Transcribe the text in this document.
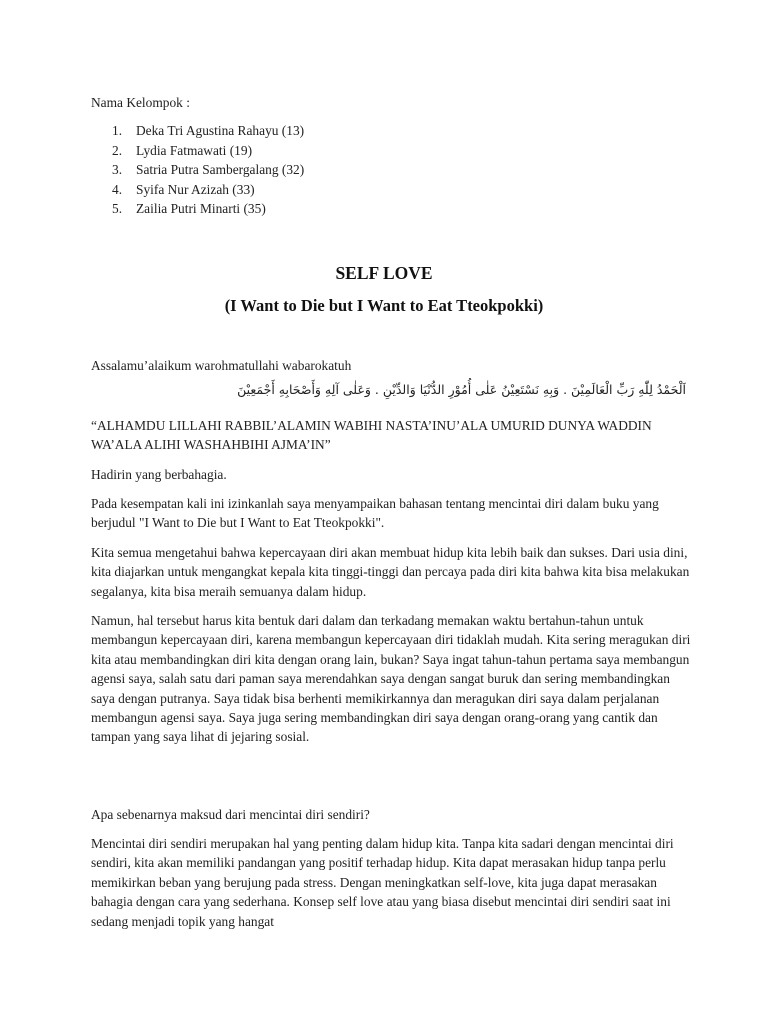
Nama Kelompok :
1. Deka Tri Agustina Rahayu (13)
2. Lydia Fatmawati (19)
3. Satria Putra Sambergalang (32)
4. Syifa Nur Azizah (33)
5. Zailia Putri Minarti (35)
SELF LOVE
(I Want to Die but I Want to Eat Tteokpokki)

Assalamu’alaikum warohmatullahi wabarokatuh

اَلْحَمْدُ لِلّٰهِ رَبِّ الْعَالَمِيْنَ . وَبِهِ نَسْتَعِيْنُ عَلٰى أُمُوْرِ الدُّنْيَا وَالدِّيْنِ . وَعَلٰى آلِهِ وَأَصْحَابِهِ أَجْمَعِيْنَ

“ALHAMDU LILLAHI RABBIL’ALAMIN WABIHI NASTA’INU’ALA UMURID DUNYA WADDIN WA’ALA ALIHI WASHAHBIHI AJMA’IN”

Hadirin yang berbahagia.

Pada kesempatan kali ini izinkanlah saya menyampaikan bahasan tentang mencintai diri dalam buku yang berjudul "I Want to Die but I Want to Eat Tteokpokki".

Kita semua mengetahui bahwa kepercayaan diri akan membuat hidup kita lebih baik dan sukses. Dari usia dini, kita diajarkan untuk mengangkat kepala kita tinggi-tinggi dan percaya pada diri kita bahwa kita bisa melakukan segalanya, kita bisa meraih semuanya dalam hidup.

Namun, hal tersebut harus kita bentuk dari dalam dan terkadang memakan waktu bertahun-tahun untuk membangun kepercayaan diri, karena membangun kepercayaan diri tidaklah mudah. Kita sering meragukan diri kita atau membandingkan diri kita dengan orang lain, bukan? Saya ingat tahun-tahun pertama saya membangun agensi saya, salah satu dari paman saya merendahkan saya dengan sangat buruk dan sering membandingkan saya dengan putranya. Saya tidak bisa berhenti memikirkannya dan meragukan diri saya dalam perjalanan membangun agensi saya. Saya juga sering membandingkan diri saya dengan orang-orang yang cantik dan tampan yang saya lihat di jejaring sosial.

Apa sebenarnya maksud dari mencintai diri sendiri?

Mencintai diri sendiri merupakan hal yang penting dalam hidup kita. Tanpa kita sadari dengan mencintai diri sendiri, kita akan memiliki pandangan yang positif terhadap hidup. Kita dapat merasakan hidup tanpa perlu memikirkan beban yang berujung pada stress. Dengan meningkatkan self-love, kita juga dapat merasakan bahagia dengan cara yang sederhana. Konsep self love atau yang biasa disebut mencintai diri sendiri saat ini sedang menjadi topik yang hangat
